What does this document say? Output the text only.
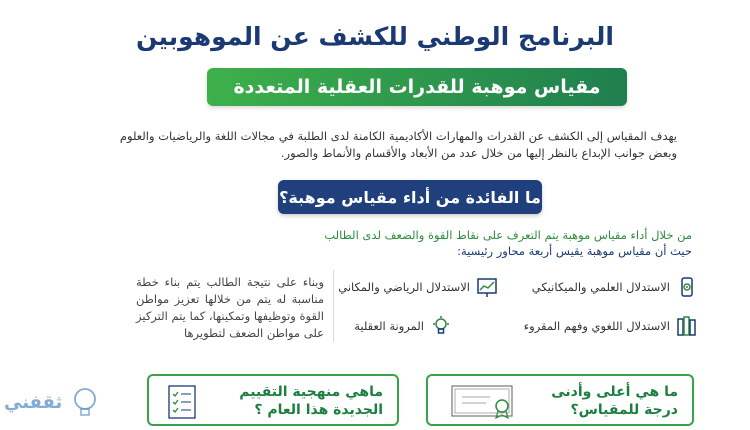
البرنامج الوطني للكشف عن الموهوبين
مقياس موهبة للقدرات العقلية المتعددة
يهدف المقياس إلى الكشف عن القدرات والمهارات الأكاديمية الكامنة لدى الطلبة في مجالات اللغة والرياضيات والعلوم
وبعض جوانب الإبداع بالنظر إليها من خلال عدد من الأبعاد والأقسام والأنماط والصور.
ما الفائدة من أداء مقياس موهبة؟
من خلال أداء مقياس موهبة يتم التعرف على نقاط القوة والضعف لدى الطالب
حيث أن مقياس موهبة يقيس أربعة محاور رئيسية:
الاستدلال العلمي والميكانيكي
الاستدلال الرياضي والمكاني
الاستدلال اللغوي وفهم المقروء
المرونة العقلية
وبناء على نتيجة الطالب يتم بناء خطة مناسبة له يتم من خلالها تعزيز مواطن القوة وتوظيفها وتمكينها، كما يتم التركيز على مواطن الضعف لتطويرها
ما هي أعلى وأدنى درجة للمقياس؟
ماهي منهجية التقييم الجديدة هذا العام ؟
ثقفني
